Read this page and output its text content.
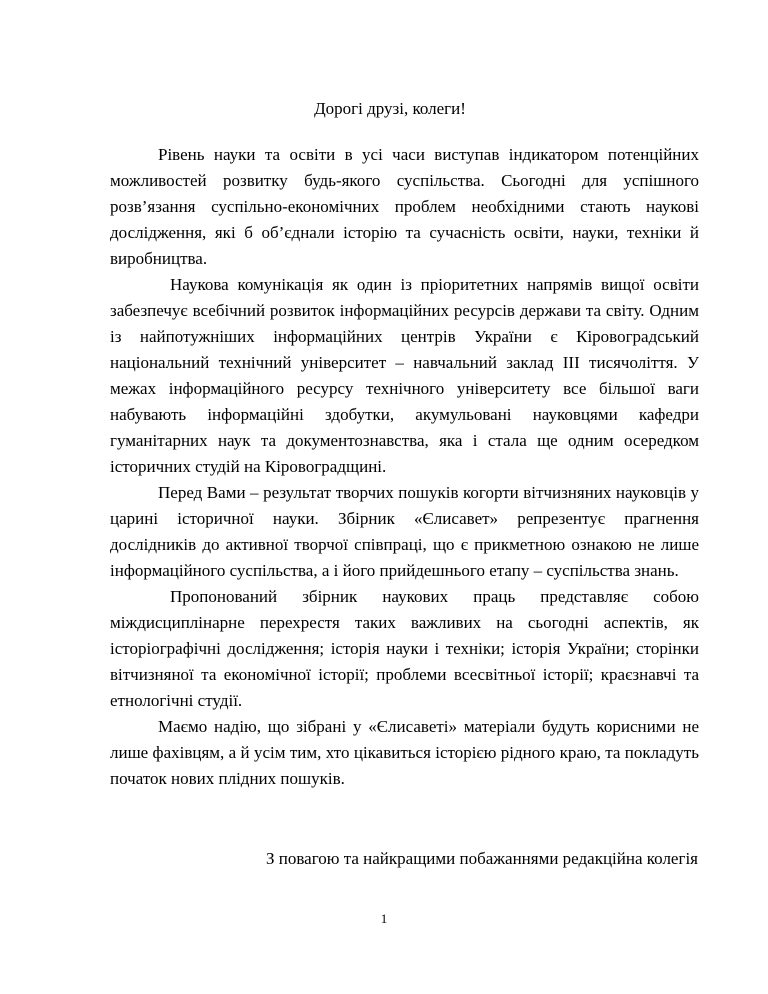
Дорогі друзі, колеги!

Рівень науки та освіти в усі часи виступав індикатором потенційних можливостей розвитку будь-якого суспільства. Сьогодні для успішного розв’язання суспільно-економічних проблем необхідними стають наукові дослідження, які б об’єднали історію та сучасність освіти, науки, техніки й виробництва.

Наукова комунікація як один із пріоритетних напрямів вищої освіти забезпечує всебічний розвиток інформаційних ресурсів держави та світу. Одним із найпотужніших інформаційних центрів України є Кіровоградський національний технічний університет – навчальний заклад ІІІ тисячоліття. У межах інформаційного ресурсу технічного університету все більшої ваги набувають інформаційні здобутки, акумульовані науковцями кафедри гуманітарних наук та документознавства, яка і стала ще одним осередком історичних студій на Кіровоградщині.

Перед Вами – результат творчих пошуків когорти вітчизняних науковців у царині історичної науки. Збірник «Єлисавет» репрезентує прагнення дослідників до активної творчої співпраці, що є прикметною ознакою не лише інформаційного суспільства, а і його прийдешнього етапу – суспільства знань.

Пропонований збірник наукових праць представляє собою міждисциплінарне перехрестя таких важливих на сьогодні аспектів, як історіографічні дослідження; історія науки і техніки; історія України; сторінки вітчизняної та економічної історії; проблеми всесвітньої історії; краєзнавчі та етнологічні студії.

Маємо надію, що зібрані у «Єлисаветі» матеріали будуть корисними не лише фахівцям, а й усім тим, хто цікавиться історією рідного краю, та покладуть початок нових плідних пошуків.

З повагою та найкращими побажаннями редакційна колегія

1
